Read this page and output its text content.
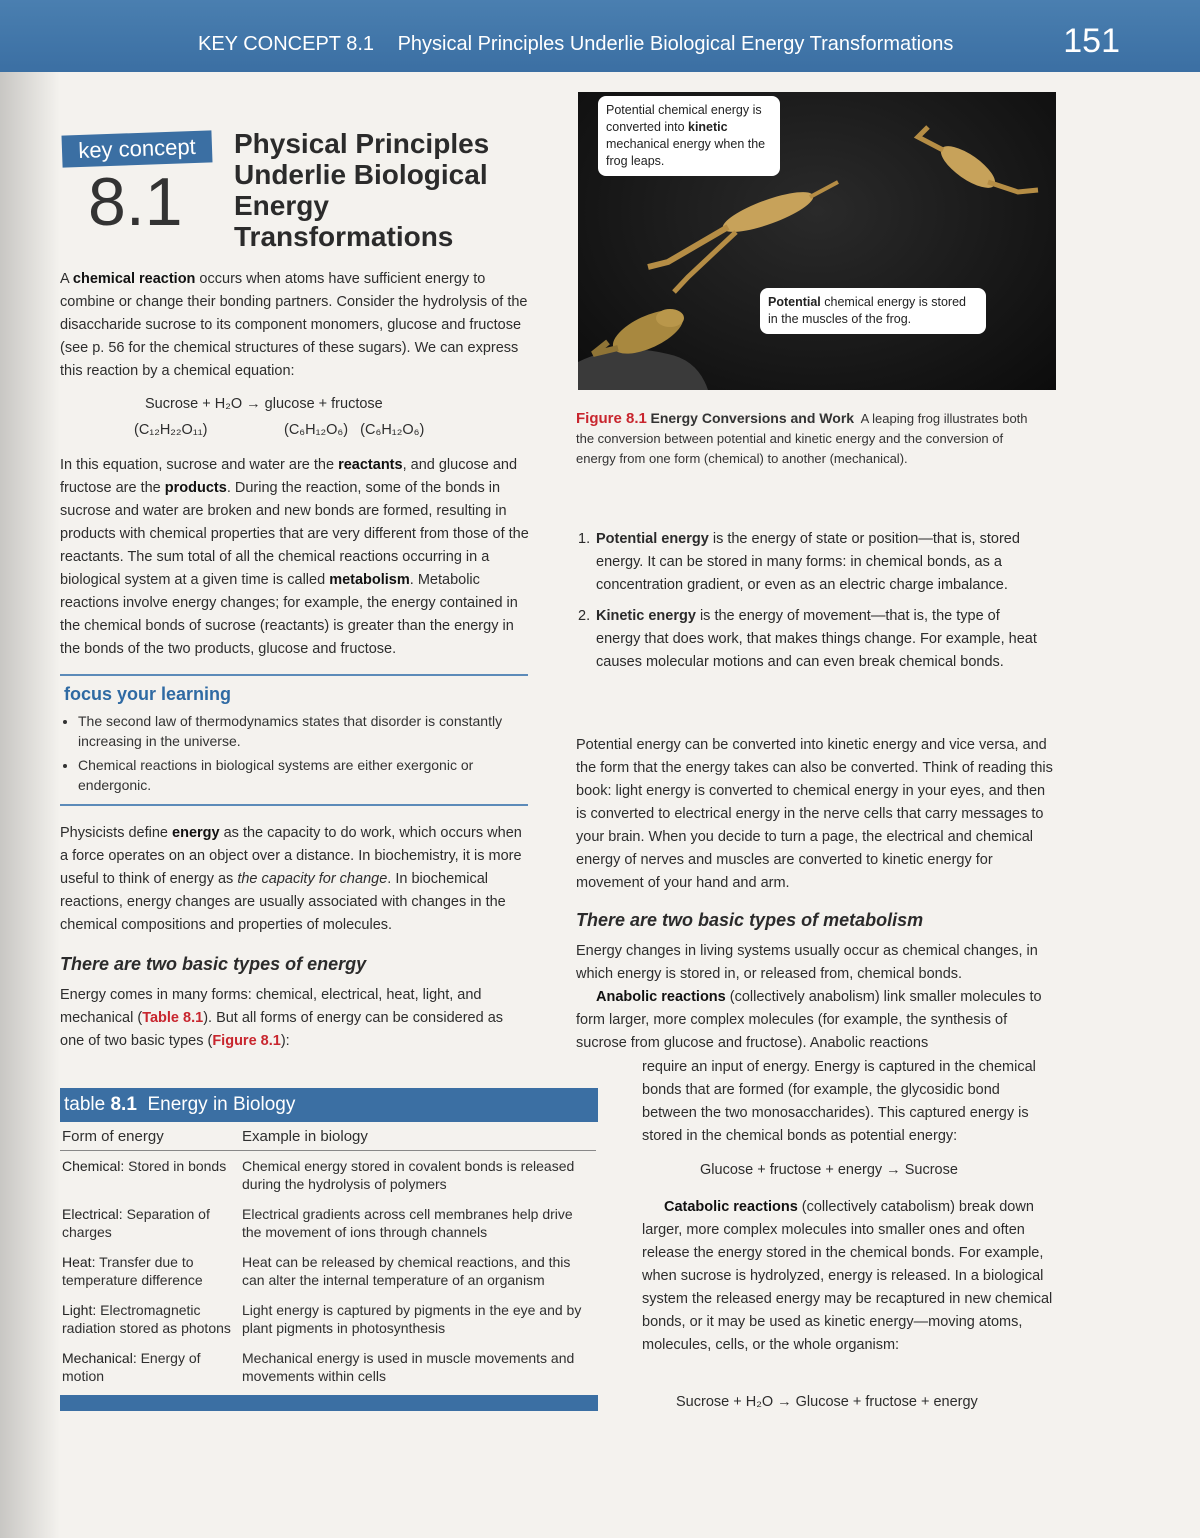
KEY CONCEPT 8.1 Physical Principles Underlie Biological Energy Transformations	151
key concept
8.1
Physical Principles Underlie Biological Energy Transformations

A chemical reaction occurs when atoms have sufficient energy to combine or change their bonding partners. Consider the hydrolysis of the disaccharide sucrose to its component monomers, glucose and fructose (see p. 56 for the chemical structures of these sugars). We can express this reaction by a chemical equation:

Sucrose + H₂O → glucose + fructose
(C₁₂H₂₂O₁₁)	(C₆H₁₂O₆)   (C₆H₁₂O₆)

In this equation, sucrose and water are the reactants, and glucose and fructose are the products. During the reaction, some of the bonds in sucrose and water are broken and new bonds are formed, resulting in products with chemical properties that are very different from those of the reactants. The sum total of all the chemical reactions occurring in a biological system at a given time is called metabolism. Metabolic reactions involve energy changes; for example, the energy contained in the chemical bonds of sucrose (reactants) is greater than the energy in the bonds of the two products, glucose and fructose.

focus your learning
• The second law of thermodynamics states that disorder is constantly increasing in the universe.
• Chemical reactions in biological systems are either exergonic or endergonic.

Physicists define energy as the capacity to do work, which occurs when a force operates on an object over a distance. In biochemistry, it is more useful to think of energy as the capacity for change. In biochemical reactions, energy changes are usually associated with changes in the chemical compositions and properties of molecules.

There are two basic types of energy

Energy comes in many forms: chemical, electrical, heat, light, and mechanical (Table 8.1). But all forms of energy can be considered as one of two basic types (Figure 8.1):

table 8.1 Energy in Biology
Form of energy	Example in biology
Chemical: Stored in bonds	Chemical energy stored in covalent bonds is released during the hydrolysis of polymers
Electrical: Separation of charges	Electrical gradients across cell membranes help drive the movement of ions through channels
Heat: Transfer due to temperature difference	Heat can be released by chemical reactions, and this can alter the internal temperature of an organism
Light: Electromagnetic radiation stored as photons	Light energy is captured by pigments in the eye and by plant pigments in photosynthesis
Mechanical: Energy of motion	Mechanical energy is used in muscle movements and movements within cells
Potential chemical energy is converted into kinetic mechanical energy when the frog leaps.
Potential chemical energy is stored in the muscles of the frog.

Figure 8.1 Energy Conversions and Work A leaping frog illustrates both the conversion between potential and kinetic energy and the conversion of energy from one form (chemical) to another (mechanical).

1. Potential energy is the energy of state or position—that is, stored energy. It can be stored in many forms: in chemical bonds, as a concentration gradient, or even as an electric charge imbalance.
2. Kinetic energy is the energy of movement—that is, the type of energy that does work, that makes things change. For example, heat causes molecular motions and can even break chemical bonds.

Potential energy can be converted into kinetic energy and vice versa, and the form that the energy takes can also be converted. Think of reading this book: light energy is converted to chemical energy in your eyes, and then is converted to electrical energy in the nerve cells that carry messages to your brain. When you decide to turn a page, the electrical and chemical energy of nerves and muscles are converted to kinetic energy for movement of your hand and arm.

There are two basic types of metabolism

Energy changes in living systems usually occur as chemical changes, in which energy is stored in, or released from, chemical bonds.
Anabolic reactions (collectively anabolism) link smaller molecules to form larger, more complex molecules (for example, the synthesis of sucrose from glucose and fructose). Anabolic reactions

require an input of energy. Energy is captured in the chemical bonds that are formed (for example, the glycosidic bond between the two monosaccharides). This captured energy is stored in the chemical bonds as potential energy:

Glucose + fructose + energy → Sucrose

Catabolic reactions (collectively catabolism) break down larger, more complex molecules into smaller ones and often release the energy stored in the chemical bonds. For example, when sucrose is hydrolyzed, energy is released. In a biological system the released energy may be recaptured in new chemical bonds, or it may be used as kinetic energy—moving atoms, molecules, cells, or the whole organism:

Sucrose + H₂O → Glucose + fructose + energy
